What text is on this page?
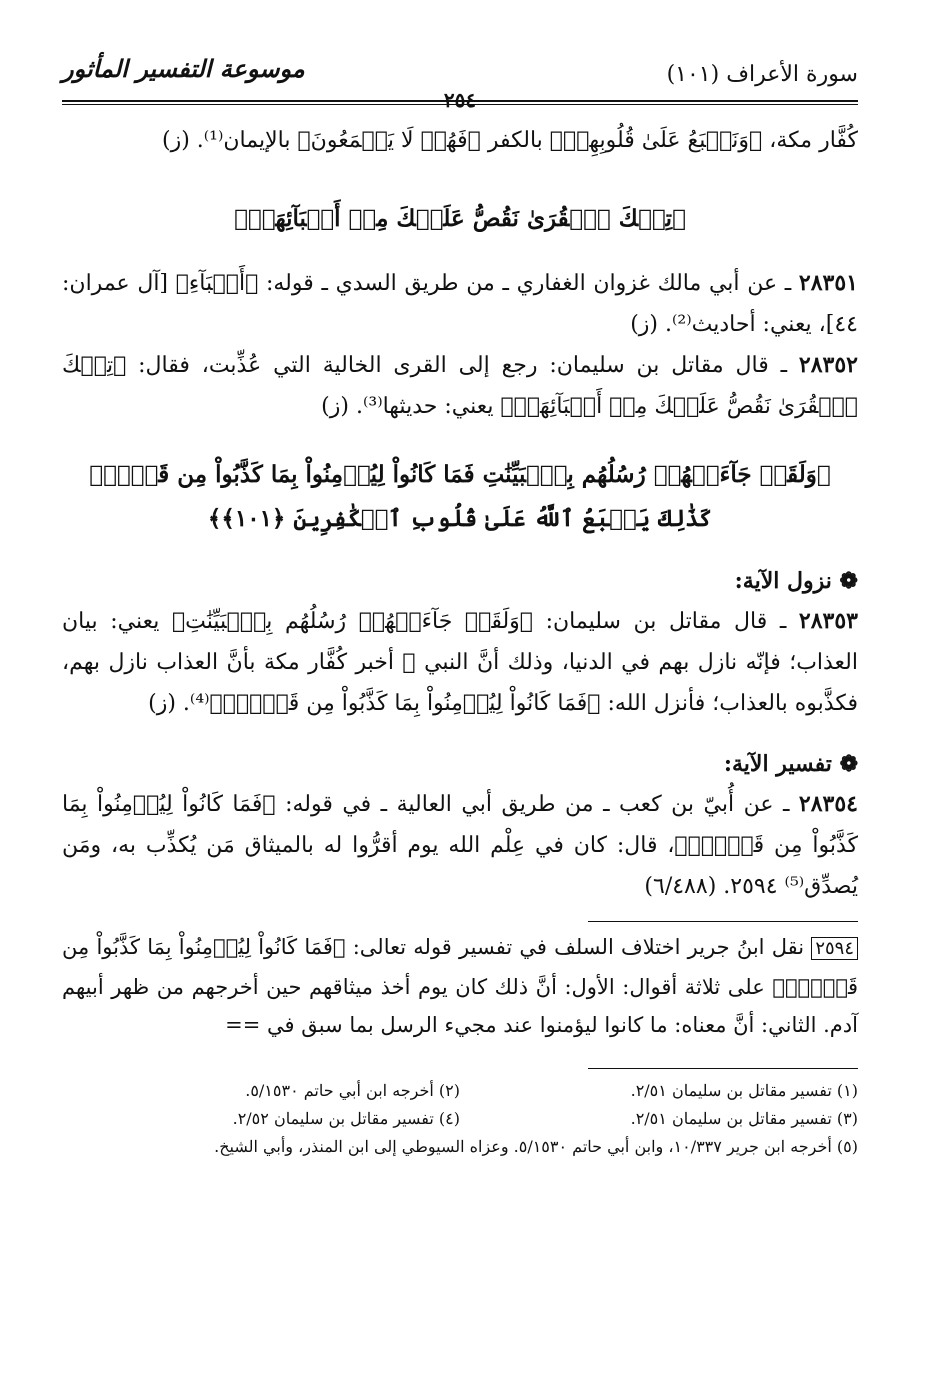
سورة الأعراف (١٠١)
موسوعة التفسير المأثور
٢٥٤

كُفَّار مكة، ﴿وَنَطۡبَعُ عَلَىٰ قُلُوبِهِمۡ﴾ بالكفر ﴿فَهُمۡ لَا يَسۡمَعُونَ﴾ بالإيمان⁽¹⁾. (ز)

﴿تِلۡكَ ٱلۡقُرَىٰ نَقُصُّ عَلَيۡكَ مِنۡ أَنۢبَآئِهَاۚ﴾

٢٨٣٥١ ـ عن أبي مالك غزوان الغفاري ـ من طريق السدي ـ قوله: ﴿أَنۢبَآءِ﴾ [آل عمران: ٤٤]، يعني: أحاديث⁽²⁾. (ز)

٢٨٣٥٢ ـ قال مقاتل بن سليمان: رجع إلى القرى الخالية التي عُذِّبت، فقال: ﴿تِلۡكَ ٱلۡقُرَىٰ نَقُصُّ عَلَيۡكَ مِنۡ أَنۢبَآئِهَاۚ﴾ يعني: حديثها⁽³⁾. (ز)

﴿وَلَقَدۡ جَآءَتۡهُمۡ رُسُلُهُم بِٱلۡبَيِّنَٰتِ فَمَا كَانُواْ لِيُؤۡمِنُواْ بِمَا كَذَّبُواْ مِن قَبۡلُۚ

كَذَٰلِكَ يَطۡبَعُ ٱللَّهُ عَلَىٰ قُلُوبِ ٱلۡكَٰفِرِينَ ﴿١٠١﴾﴾

❁ نزول الآية:

٢٨٣٥٣ ـ قال مقاتل بن سليمان: ﴿وَلَقَدۡ جَآءَتۡهُمۡ رُسُلُهُم بِٱلۡبَيِّنَٰتِ﴾ يعني: بيان العذاب؛ فإنّه نازل بهم في الدنيا، وذلك أنَّ النبي ﷺ أخبر كُفَّار مكة بأنَّ العذاب نازل بهم، فكذَّبوه بالعذاب؛ فأنزل الله: ﴿فَمَا كَانُواْ لِيُؤۡمِنُواْ بِمَا كَذَّبُواْ مِن قَبۡلُۚ﴾⁽⁴⁾. (ز)

❁ تفسير الآية:

٢٨٣٥٤ ـ عن أُبيّ بن كعب ـ من طريق أبي العالية ـ في قوله: ﴿فَمَا كَانُواْ لِيُؤۡمِنُواْ بِمَا كَذَّبُواْ مِن قَبۡلُۚ﴾، قال: كان في عِلْم الله يوم أقرُّوا له بالميثاق مَن يُكذِّب به، ومَن يُصدِّق⁽⁵⁾ ٢٥٩٤. (٦/٤٨٨)

٢٥٩٤ نقل ابنُ جرير اختلاف السلف في تفسير قوله تعالى: ﴿فَمَا كَانُواْ لِيُؤۡمِنُواْ بِمَا كَذَّبُواْ مِن قَبۡلُۚ﴾ على ثلاثة أقوال: الأول: أنَّ ذلك كان يوم أخذ ميثاقهم حين أخرجهم من ظهر أبيهم آدم. الثاني: أنَّ معناه: ما كانوا ليؤمنوا عند مجيء الرسل بما سبق في ==

(١) تفسير مقاتل بن سليمان ٢/٥١.
(٢) أخرجه ابن أبي حاتم ٥/١٥٣٠.
(٣) تفسير مقاتل بن سليمان ٢/٥١.
(٤) تفسير مقاتل بن سليمان ٢/٥٢.
(٥) أخرجه ابن جرير ١٠/٣٣٧، وابن أبي حاتم ٥/١٥٣٠. وعزاه السيوطي إلى ابن المنذر، وأبي الشيخ.
